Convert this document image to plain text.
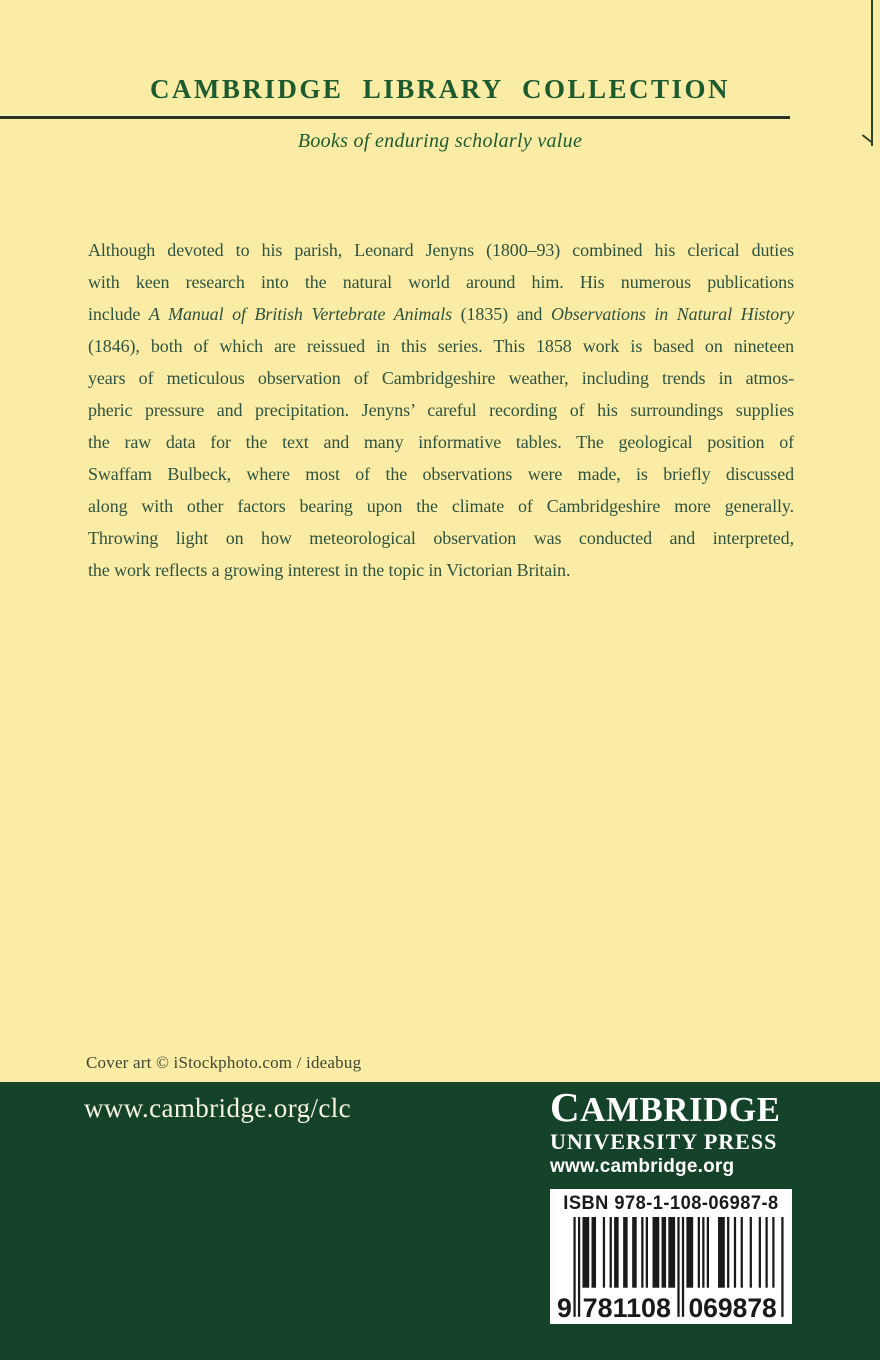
CAMBRIDGE LIBRARY COLLECTION
Books of enduring scholarly value
Although devoted to his parish, Leonard Jenyns (1800–93) combined his clerical duties
with keen research into the natural world around him. His numerous publications
include A Manual of British Vertebrate Animals (1835) and Observations in Natural History
(1846), both of which are reissued in this series. This 1858 work is based on nineteen
years of meticulous observation of Cambridgeshire weather, including trends in atmos-
pheric pressure and precipitation. Jenyns’ careful recording of his surroundings supplies
the raw data for the text and many informative tables. The geological position of
Swaffam Bulbeck, where most of the observations were made, is briefly discussed
along with other factors bearing upon the climate of Cambridgeshire more generally.
Throwing light on how meteorological observation was conducted and interpreted,
the work reflects a growing interest in the topic in Victorian Britain.
Cover art © iStockphoto.com / ideabug
www.cambridge.org/clc	CAMBRIDGE
UNIVERSITY PRESS
www.cambridge.org
ISBN 978-1-108-06987-8
9 781108 069878
